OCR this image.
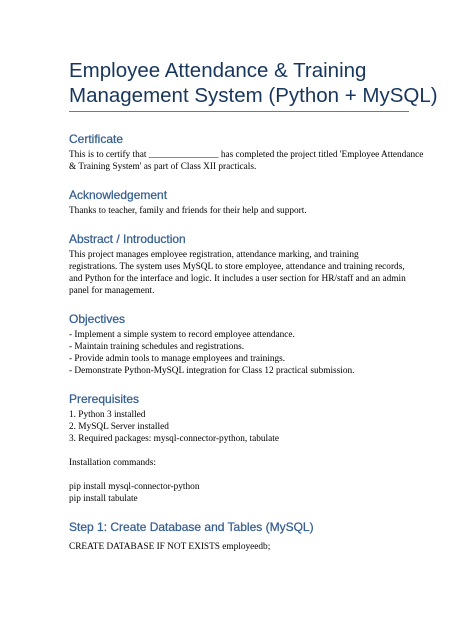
Employee Attendance & Training
Management System (Python + MySQL)
Certificate
This is to certify that _______________ has completed the project titled 'Employee Attendance
& Training System' as part of Class XII practicals.
Acknowledgement
Thanks to teacher, family and friends for their help and support.
Abstract / Introduction
This project manages employee registration, attendance marking, and training
registrations. The system uses MySQL to store employee, attendance and training records,
and Python for the interface and logic. It includes a user section for HR/staff and an admin
panel for management.
Objectives
- Implement a simple system to record employee attendance.
- Maintain training schedules and registrations.
- Provide admin tools to manage employees and trainings.
- Demonstrate Python-MySQL integration for Class 12 practical submission.
Prerequisites
1. Python 3 installed
2. MySQL Server installed
3. Required packages: mysql-connector-python, tabulate
Installation commands:
pip install mysql-connector-python
pip install tabulate
Step 1: Create Database and Tables (MySQL)
CREATE DATABASE IF NOT EXISTS employeedb;
